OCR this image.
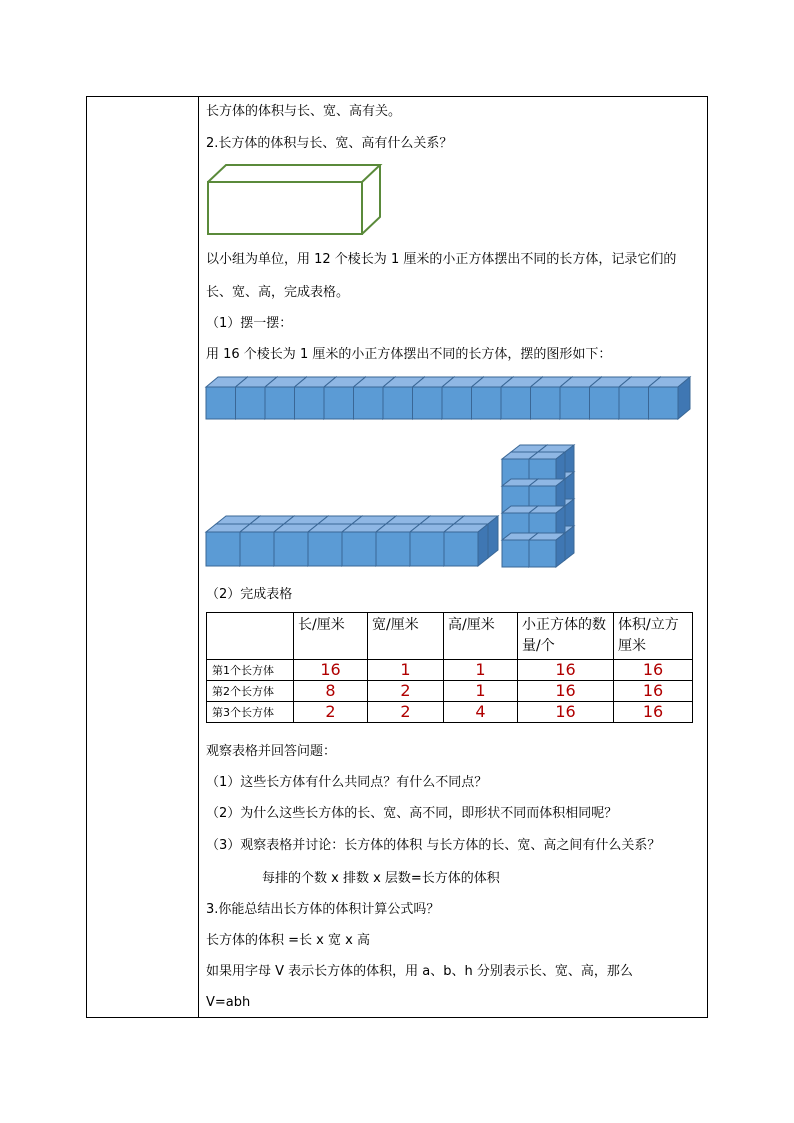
长方体的体积与长、宽、高有关。
2.长方体的体积与长、宽、高有什么关系？
以小组为单位，用 12 个棱长为 1 厘米的小正方体摆出不同的长方体，记录它们的
长、宽、高，完成表格。
（1）摆一摆：
用 16 个棱长为 1 厘米的小正方体摆出不同的长方体，摆的图形如下：
（2）完成表格
	长/厘米	宽/厘米	高/厘米	小正方体的数量/个	体积/立方厘米
第1个长方体	16	1	1	16	16
第2个长方体	8	2	1	16	16
第3个长方体	2	2	4	16	16
观察表格并回答问题：
（1）这些长方体有什么共同点？有什么不同点？
（2）为什么这些长方体的长、宽、高不同，即形状不同而体积相同呢？
（3）观察表格并讨论：长方体的体积 与长方体的长、宽、高之间有什么关系？
每排的个数 x 排数 x 层数=长方体的体积
3.你能总结出长方体的体积计算公式吗？
长方体的体积 =长 x 宽 x 高
如果用字母 V 表示长方体的体积，用 a、b、h 分别表示长、宽、高，那么
V=abh
